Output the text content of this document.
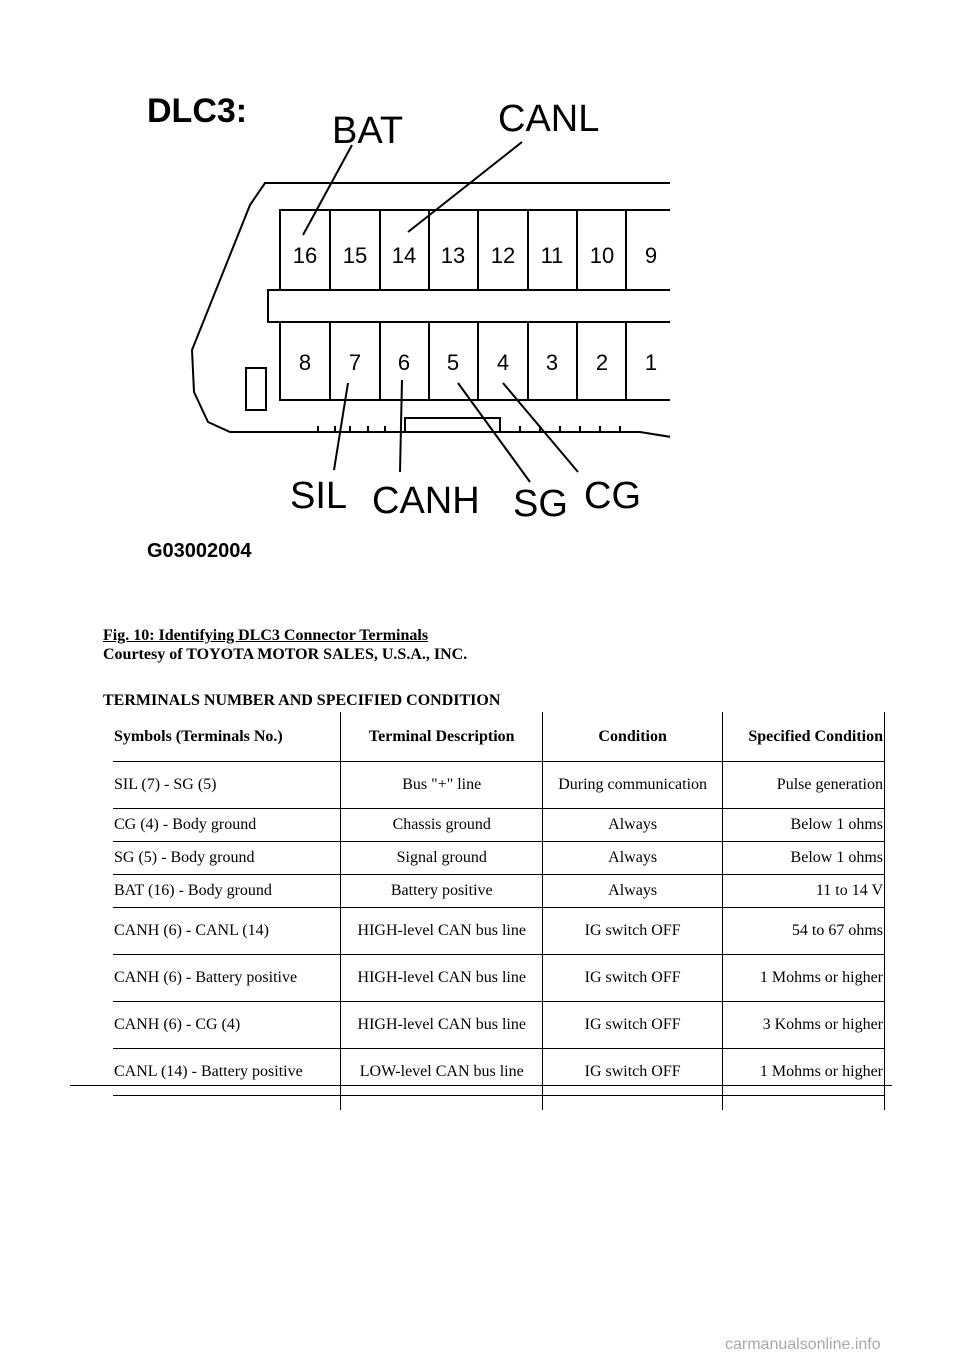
DLC3:
16 15 14 13 12 11 10 9
8 7 6 5 4 3 2 1
BAT CANL
SIL CANH SG CG
G03002004
Fig. 10: Identifying DLC3 Connector Terminals
Courtesy of TOYOTA MOTOR SALES, U.S.A., INC.
TERMINALS NUMBER AND SPECIFIED CONDITION
Symbols (Terminals No.)	Terminal Description	Condition	Specified Condition
SIL (7) - SG (5)	Bus "+" line	During communication	Pulse generation
CG (4) - Body ground	Chassis ground	Always	Below 1 ohms
SG (5) - Body ground	Signal ground	Always	Below 1 ohms
BAT (16) - Body ground	Battery positive	Always	11 to 14 V
CANH (6) - CANL (14)	HIGH-level CAN bus line	IG switch OFF	54 to 67 ohms
CANH (6) - Battery positive	HIGH-level CAN bus line	IG switch OFF	1 Mohms or higher
CANH (6) - CG (4)	HIGH-level CAN bus line	IG switch OFF	3 Kohms or higher
CANL (14) - Battery positive	LOW-level CAN bus line	IG switch OFF	1 Mohms or higher

carmanualsonline.info
